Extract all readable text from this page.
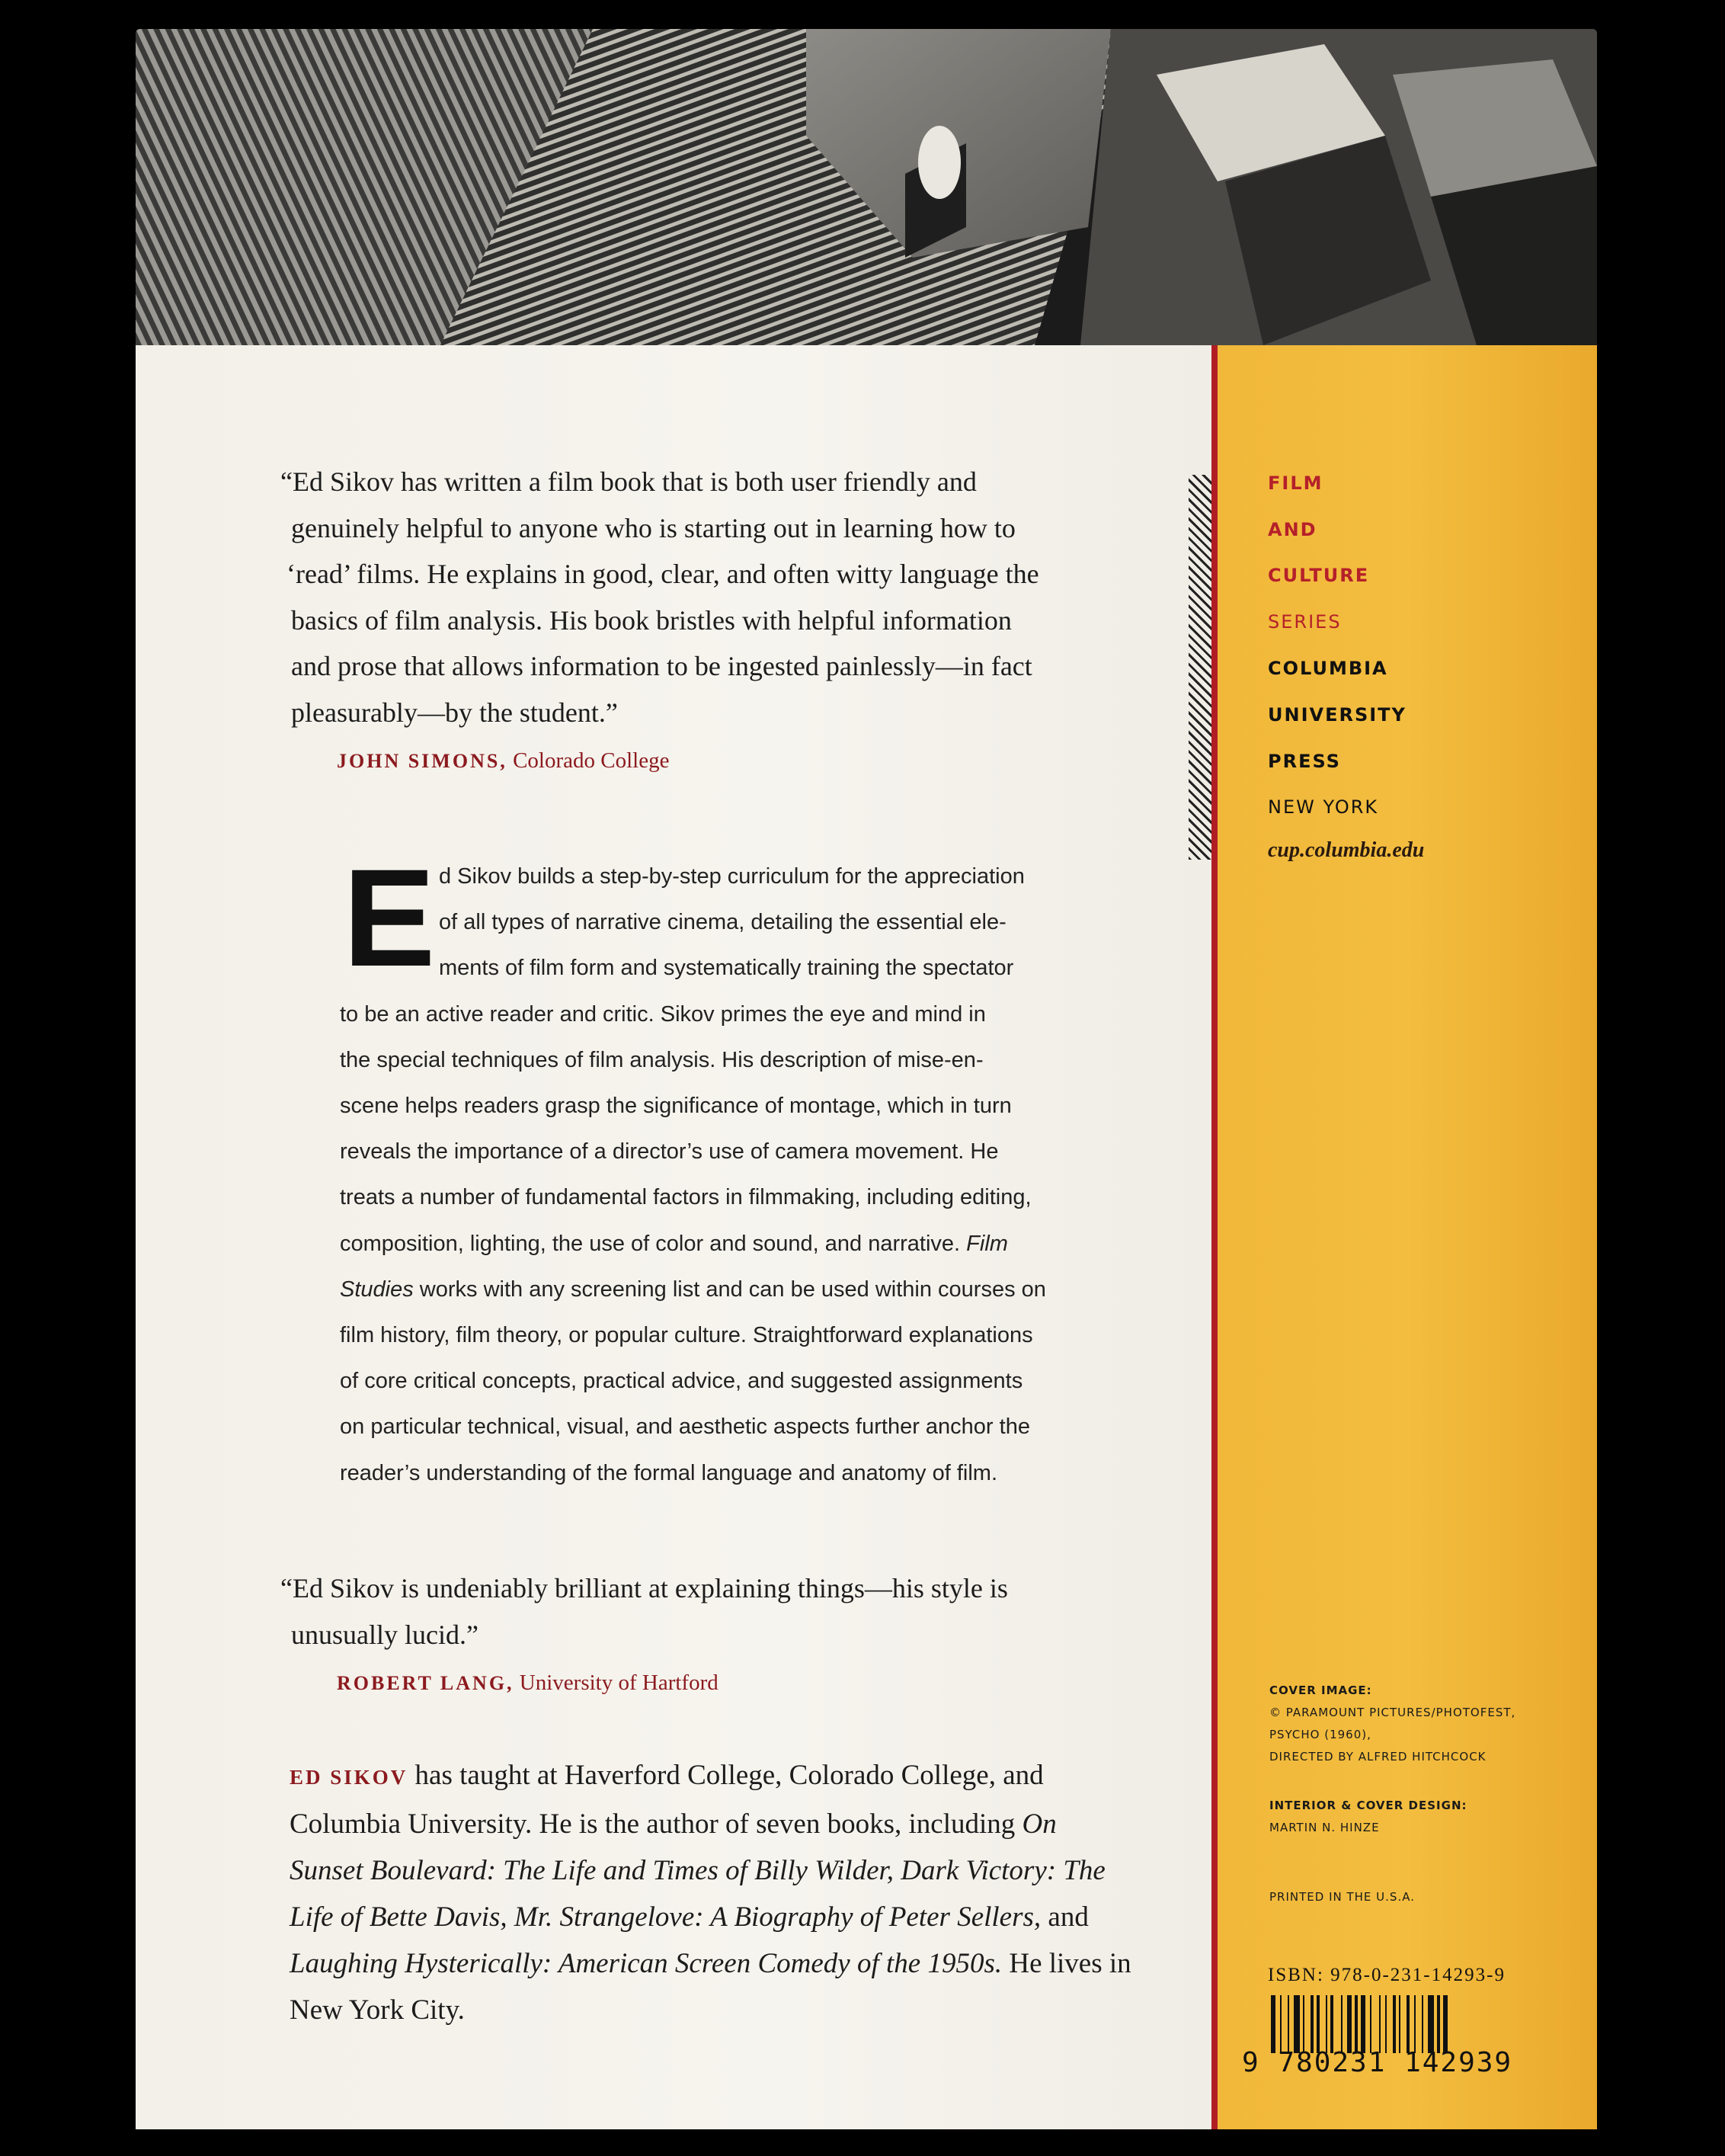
“Ed Sikov has written a film book that is both user friendly and
genuinely helpful to anyone who is starting out in learning how to
‘read’ films. He explains in good, clear, and often witty language the
basics of film analysis. His book bristles with helpful information
and prose that allows information to be ingested painlessly—in fact
pleasurably—by the student.”
JOHN SIMONS, Colorado College
E d Sikov builds a step-by-step curriculum for the appreciation
of all types of narrative cinema, detailing the essential ele-
ments of film form and systematically training the spectator
to be an active reader and critic. Sikov primes the eye and mind in
the special techniques of film analysis. His description of mise-en-
scene helps readers grasp the significance of montage, which in turn
reveals the importance of a director’s use of camera movement. He
treats a number of fundamental factors in filmmaking, including editing,
composition, lighting, the use of color and sound, and narrative. Film
Studies works with any screening list and can be used within courses on
film history, film theory, or popular culture. Straightforward explanations
of core critical concepts, practical advice, and suggested assignments
on particular technical, visual, and aesthetic aspects further anchor the
reader’s understanding of the formal language and anatomy of film.
“Ed Sikov is undeniably brilliant at explaining things—his style is
unusually lucid.”
ROBERT LANG, University of Hartford
ED SIKOV has taught at Haverford College, Colorado College, and
Columbia University. He is the author of seven books, including On
Sunset Boulevard: The Life and Times of Billy Wilder, Dark Victory: The
Life of Bette Davis, Mr. Strangelove: A Biography of Peter Sellers, and
Laughing Hysterically: American Screen Comedy of the 1950s. He lives in
New York City.
FILM
AND
CULTURE
SERIES
COLUMBIA
UNIVERSITY
PRESS
NEW YORK
cup.columbia.edu
COVER IMAGE:
© PARAMOUNT PICTURES/PHOTOFEST,
PSYCHO (1960),
DIRECTED BY ALFRED HITCHCOCK
INTERIOR & COVER DESIGN:
MARTIN N. HINZE
PRINTED IN THE U.S.A.
ISBN: 978-0-231-14293-9
9 780231 142939
